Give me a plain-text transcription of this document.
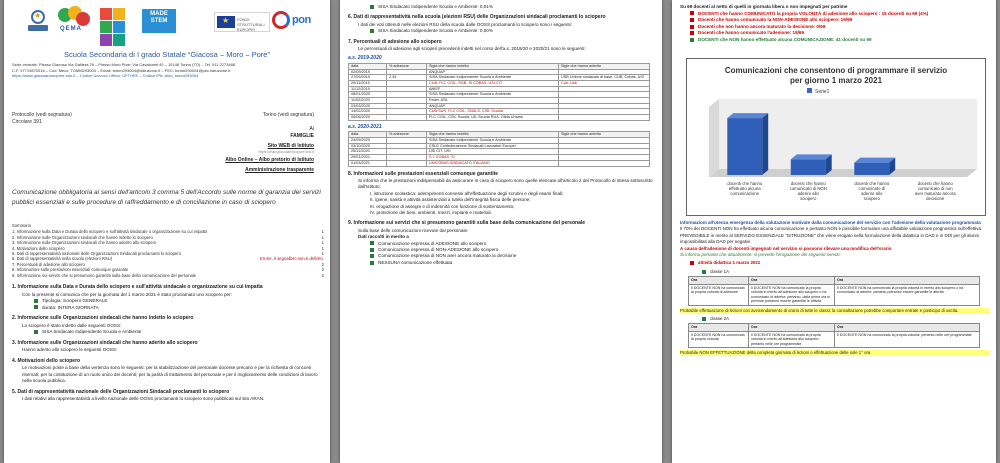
★
QEMA
MADE
STEM ★	FONDI STRUTTURALI EUROPEI
pon
Scuola Secondaria di I grado Statale “Giacosa – Moro – Pore”
Sede centrale: Plesso Giacosa Via Galliera 29 – Plesso Moro Pore: Via Cavalcanti 40 – 10148 Torino (TO) – Tel. 011 2273468
C.F. 97719870016 – Cod. Mecc. TOMM293004 – Email: tomm293004@istruzione.it – PEC: tomm293004@pec.istruzione.it
https://www.giacosamoropore.edu.it – Codice Univoco Ufficio: UFTHEE – Codice IPA: istsc_tomm293004
Protocollo (vedi segnatura)
Circolare 391
Torino (vedi segnatura)
Ai
FAMIGLIE
Sito WEB di Istituto
https://www.giacosamoropore.edu.it
Albo Online – Albo pretorio di Istituto
Amministrazione trasparente
Comunicazione obbligatoria ai sensi dell'articolo 3 comma 5 dell'Accordo sulle norme di garanzia dei servizi pubblici essenziali e sulle procedure di raffreddamento e di conciliazione in caso di sciopero
Sommario
1. Informazione sulla Data e Durata dello sciopero e sull'attività sindacale o organizzazione su cui impatta	1
2. Informazione sulle Organizzazioni sindacali che hanno indetto lo sciopero	1
3. Informazione sulle Organizzazioni sindacali che hanno aderito allo sciopero	1
4. Motivazioni dello sciopero	1
5. Dati di rappresentatività nazionale delle Organizzazioni Sindacali proclamanti lo sciopero	1
6. Dati di rappresentatività nella scuola (elezioni RSU)	Errore. Il segnalibro non è definito.
7. Percentuali di adesione allo sciopero	2
8. Informazioni sulle prestazioni essenziali comunque garantite	2
9. Informazione sui servizi che si presumono garantiti sulla base della comunicazione del personale	2
1. Informazione sulla Data e Durata dello sciopero e sull'attività sindacale o organizzazione su cui impatta
Con la presente si comunica che per la giornata del 1 marzo 2021 è stato proclamato uno sciopero per:
Tipologia: Sciopero GENERALE
durata: INTERA GIORNATA
2. Informazione sulle Organizzazioni sindacali che hanno indetto lo sciopero
Lo sciopero è stato indetto dalle seguenti OOSS:
SISA Sindacato Indipendente Scuola e Ambiente
3. Informazione sulle Organizzazioni sindacali che hanno aderito allo sciopero
Hanno aderito allo sciopero le seguenti OOSS:
4. Motivazioni dello sciopero
Le motivazioni poste a base della vertenza sono le seguenti: per la stabilizzazione del personale docente precario e per la richiesta di concorsi riservati; per la costituzione di un ruolo unico dei docenti; per la parità di trattamento del personale e per il miglioramento delle condizioni di lavoro nella scuola pubblica.
5. Dati di rappresentatività nazionale delle Organizzazioni Sindacali proclamanti lo sciopero
I dati relativi alla rappresentatività a livello nazionale delle OOSS proclamanti lo sciopero sono pubblicati sul sito ARAN.
SISA Sindacato Indipendente Scuola e Ambiente: 0,01%
6. Dati di rappresentatività nella scuola (elezioni RSU) delle Organizzazioni sindacali proclamanti lo sciopero
I dati dei voti ottenuti nelle elezioni RSU della scuola dalle OOSS proclamanti lo sciopero sono i seguenti:
SISA Sindacato Indipendente Scuola e Ambiente: 0,00%
7. Percentuali di adesione allo sciopero
Le percentuali di adesione agli scioperi precedenti indetti nel corso dell'a.s. 2019/20 e 2020/21 sono le seguenti:
a.s. 2019-2020
data	% adesione	Sigla che hanno indetto	Sigle che hanno aderito
02/09/2019		ANQUAP	
27/09/2019	2,34	SISA Sindacato Indipendente Scuola e Ambiente	USB Unione sindacale di base, CUB, Cobas, USI
29/11/2019		CUB, FLC CGIL, SGB, SI COBAS, USI-CIT	Cub, Usb
11/12/2019		ANIEF	
08/01/2020		SISA Sindacato Indipendente Scuola e Ambiente	
11/02/2020		Feder. ATA	
03/03/2020		ANQUAP	
14/02/2020		CUB SUR, FLC CGIL, SNALS, CISL Scuola	
06/06/2020		FLC CGIL, CISL Scuola, UIL Scuola RUA, Gilda Unams	
a.s. 2020-2021
data	% adesione	Sigla che hanno indetto	Sigle che hanno aderito
24/09/2020		SISA Sindacato Indipendente Scuola e Ambiente	
03/10/2020		CSLE Confederazione Sindacati Lavoratori Europei	
25/11/2020		USI CIT, USI	
29/01/2021		S.I. COBAS, SI	
01/03/2021		UNICOBAS SINDACATO ITALIANO	
8. Informazioni sulle prestazioni essenziali comunque garantite
Si informa che le prestazioni indispensabili da assicurare in caso di sciopero sono quelle elencate all'articolo 2 del Protocollo di intesa sottoscritto dall'Istituto:
I. istruzione scolastica: adempimenti connessi all'effettuazione degli scrutini e degli esami finali;
II. igiene, sanità e attività assistenziali a tutela dell'integrità fisica delle persone;
III. erogazione di assegni e di indennità con funzione di sostentamento;
IV. protezione dei beni, ambienti, mezzi, impianti e materiali.
9. Informazione sui servizi che si presumono garantiti sulla base della comunicazione del personale
Sulla base delle comunicazioni ricevute dal personale:
Dati raccolti in merito a
Comunicazione espressa di ADESIONE allo sciopero
Comunicazione espressa di NON-ADESIONE allo sciopero
Comunicazione espressa di NON aver ancora maturato la decisione
NESSUNA comunicazione effettuata
Su 69 docenti al netto di quelli in giornata libera o non impegnati per patrime
DOCENTI che hanno COMUNICATO la propria VOLONTÀ di adesione allo sciopero : 15 docenti su 69 (4%)
Docenti che hanno comunicato la NON-ADESIONE allo sciopero: 19/69
Docenti che non hanno ancora maturato la decisione: 0/69
Docenti che hanno comunicato l'adesione: 15/69
DOCENTI che NON hanno effettuato alcuna COMUNICAZIONE: 41 docenti su 69
Comunicazioni che consentono di programmare il servizio per giorno 1 marzo 2021
Serie1
docenti che hanno effettuato alcuna comunicazione
docenti che hanno comunicato di NON aderire allo sciopero
docenti che hanno comunicato di aderire allo sciopero
docenti che hanno comunicato di non aver maturato ancora decisione
Informazioni all'utenza emergenza della valutazione motivate dalla comunicazione del servizio con l'adesione della valutazione programmata
Il 70% dei DOCENTI NON ha effettuato alcuna comunicazione e pertanto NON è possibile formulare una affidabile valutazione prognostica sull'effettiva PREVEDIBILE in merito al SERVIZIO ESSENZIALE "ISTRUZIONE" che viene erogato nella formulazione della didattica in DAD e in DDI per gli alunni impossibilitati alla DAD per negativi.
A causa dell'adesione di docenti impegnati nel servizio si possono rilevare una modifica dell'orario
Si informa pertanto che attualmente: si prevede l'erogazione dei seguenti servizi:
attività didattica 1 marzo 2021
classe 1A
Ora	Ora	Ora
Il DOCENTE NON ha comunicato la propria volontà di adesione	Il DOCENTE NON ha comunicato la propria volontà in merito all'adesione allo sciopero o ha comunicato di aderire: pertanto, dalla prima ora si prevede potranno essere garantite le attività	Il DOCENTE NON ha comunicato la propria volontà in merito allo sciopero o ha comunicato di aderire: pertanto potranno essere garantite le attività
Probabile effettuazione di lezioni con avvicendamento di orario di tutte le classi; la consultazione potrebbe comportare entrate e posticipo di uscita.
classe 2A
Ora	Ora	Ora
Il DOCENTE NON ha comunicato la propria volontà	Il DOCENTE NON ha comunicato la propria volontà in merito all'adesione allo sciopero: pertanto nelle ore programmate	Il DOCENTE NON ha comunicato la propria volontà: pertanto nelle ore programmate
Probabile NON EFFETTUAZIONE della completa giornata di lezioni o effettuazione delle sole 1° ora
